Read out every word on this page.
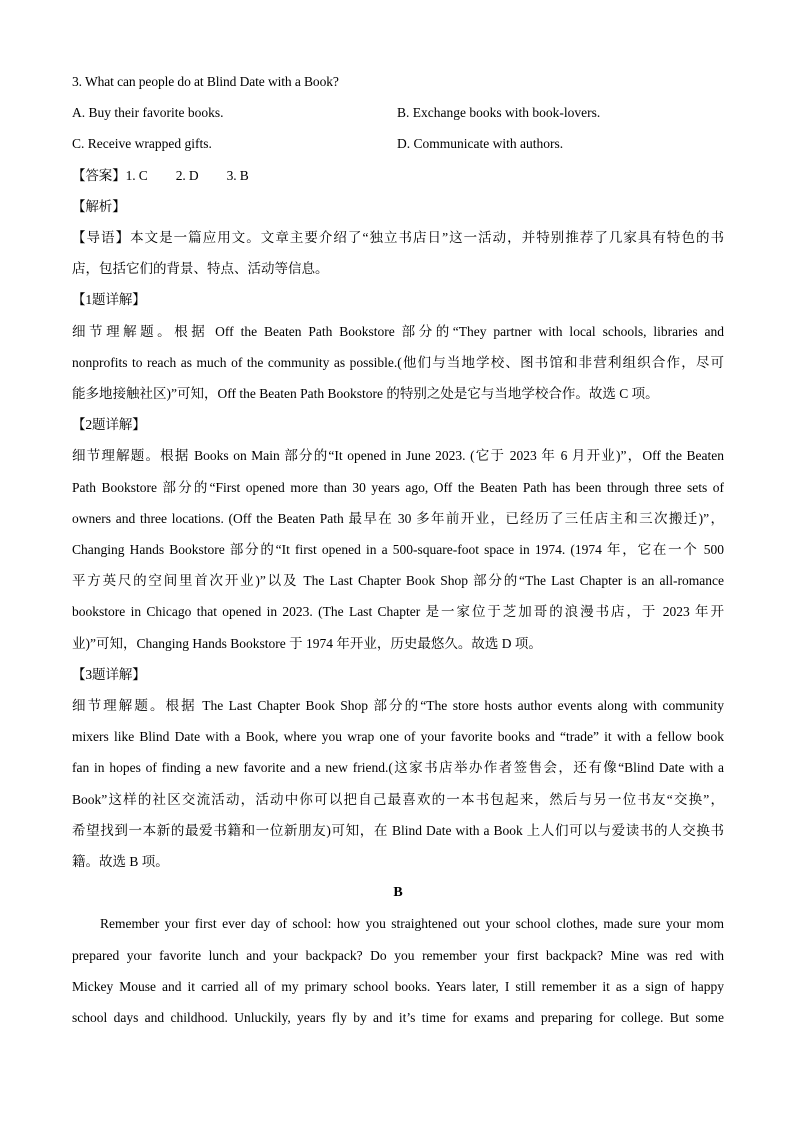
3. What can people do at Blind Date with a Book?
A. Buy their favorite books.	B. Exchange books with book-lovers.
C. Receive wrapped gifts.	D. Communicate with authors.
【答案】1. C 2. D 3. B
【解析】
【导语】本文是一篇应用文。文章主要介绍了“独立书店日”这一活动，并特别推荐了几家具有特色的书
店，包括它们的背景、特点、活动等信息。
【1题详解】
细节理解题。根据 Off the Beaten Path Bookstore 部分的“They partner with local schools, libraries and
nonprofits to reach as much of the community as possible.(他们与当地学校、图书馆和非营利组织合作，尽可
能多地接触社区)”可知，Off the Beaten Path Bookstore 的特别之处是它与当地学校合作。故选 C 项。
【2题详解】
细节理解题。根据 Books on Main 部分的“It opened in June 2023. (它于 2023 年 6 月开业)”，Off the Beaten
Path Bookstore 部分的“First opened more than 30 years ago, Off the Beaten Path has been through three sets of
owners and three locations. (Off the Beaten Path 最早在 30 多年前开业，已经历了三任店主和三次搬迁)”，
Changing Hands Bookstore 部分的“It first opened in a 500-square-foot space in 1974. (1974 年，它在一个 500
平方英尺的空间里首次开业)”以及 The Last Chapter Book Shop 部分的“The Last Chapter is an all-romance
bookstore in Chicago that opened in 2023. (The Last Chapter 是一家位于芝加哥的浪漫书店，于 2023 年开
业)”可知，Changing Hands Bookstore 于 1974 年开业，历史最悠久。故选 D 项。
【3题详解】
细节理解题。根据 The Last Chapter Book Shop 部分的“The store hosts author events along with community
mixers like Blind Date with a Book, where you wrap one of your favorite books and “trade” it with a fellow book
fan in hopes of finding a new favorite and a new friend.(这家书店举办作者签售会，还有像“Blind Date with a
Book”这样的社区交流活动，活动中你可以把自己最喜欢的一本书包起来，然后与另一位书友“交换”，
希望找到一本新的最爱书籍和一位新朋友)可知，在 Blind Date with a Book 上人们可以与爱读书的人交换书
籍。故选 B 项。
B
Remember your first ever day of school: how you straightened out your school clothes, made sure your mom
prepared your favorite lunch and your backpack? Do you remember your first backpack? Mine was red with
Mickey Mouse and it carried all of my primary school books. Years later, I still remember it as a sign of happy
school days and childhood. Unluckily, years fly by and it’s time for exams and preparing for college. But some
